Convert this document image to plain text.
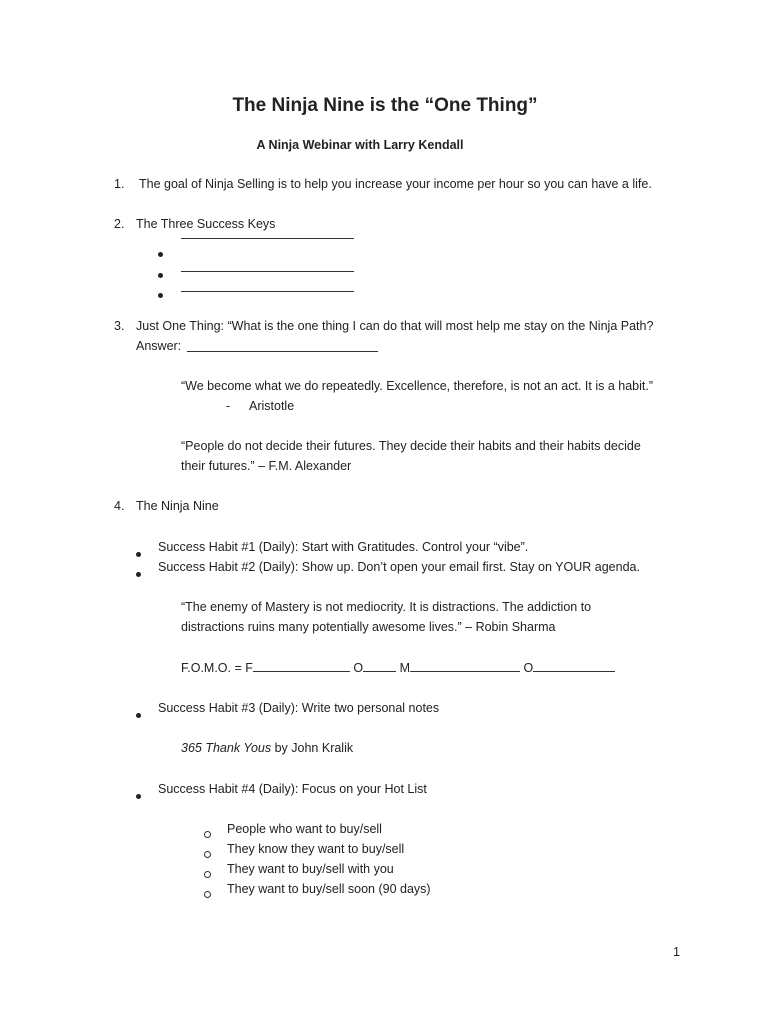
The Ninja Nine is the “One Thing”
A Ninja Webinar with Larry Kendall
1. The goal of Ninja Selling is to help you increase your income per hour so you can have a life.
2. The Three Success Keys
3. Just One Thing: “What is the one thing I can do that will most help me stay on the Ninja Path?
Answer:
“We become what we do repeatedly. Excellence, therefore, is not an act. It is a habit.”
- Aristotle
“People do not decide their futures. They decide their habits and their habits decide
their futures.” – F.M. Alexander
4. The Ninja Nine
Success Habit #1 (Daily): Start with Gratitudes. Control your “vibe”.
Success Habit #2 (Daily): Show up. Don’t open your email first. Stay on YOUR agenda.
“The enemy of Mastery is not mediocrity. It is distractions. The addiction to
distractions ruins many potentially awesome lives.” – Robin Sharma
F.O.M.O. = F	O	M	O
Success Habit #3 (Daily): Write two personal notes
365 Thank Yous by John Kralik
Success Habit #4 (Daily): Focus on your Hot List
People who want to buy/sell
They know they want to buy/sell
They want to buy/sell with you
They want to buy/sell soon (90 days)
1
